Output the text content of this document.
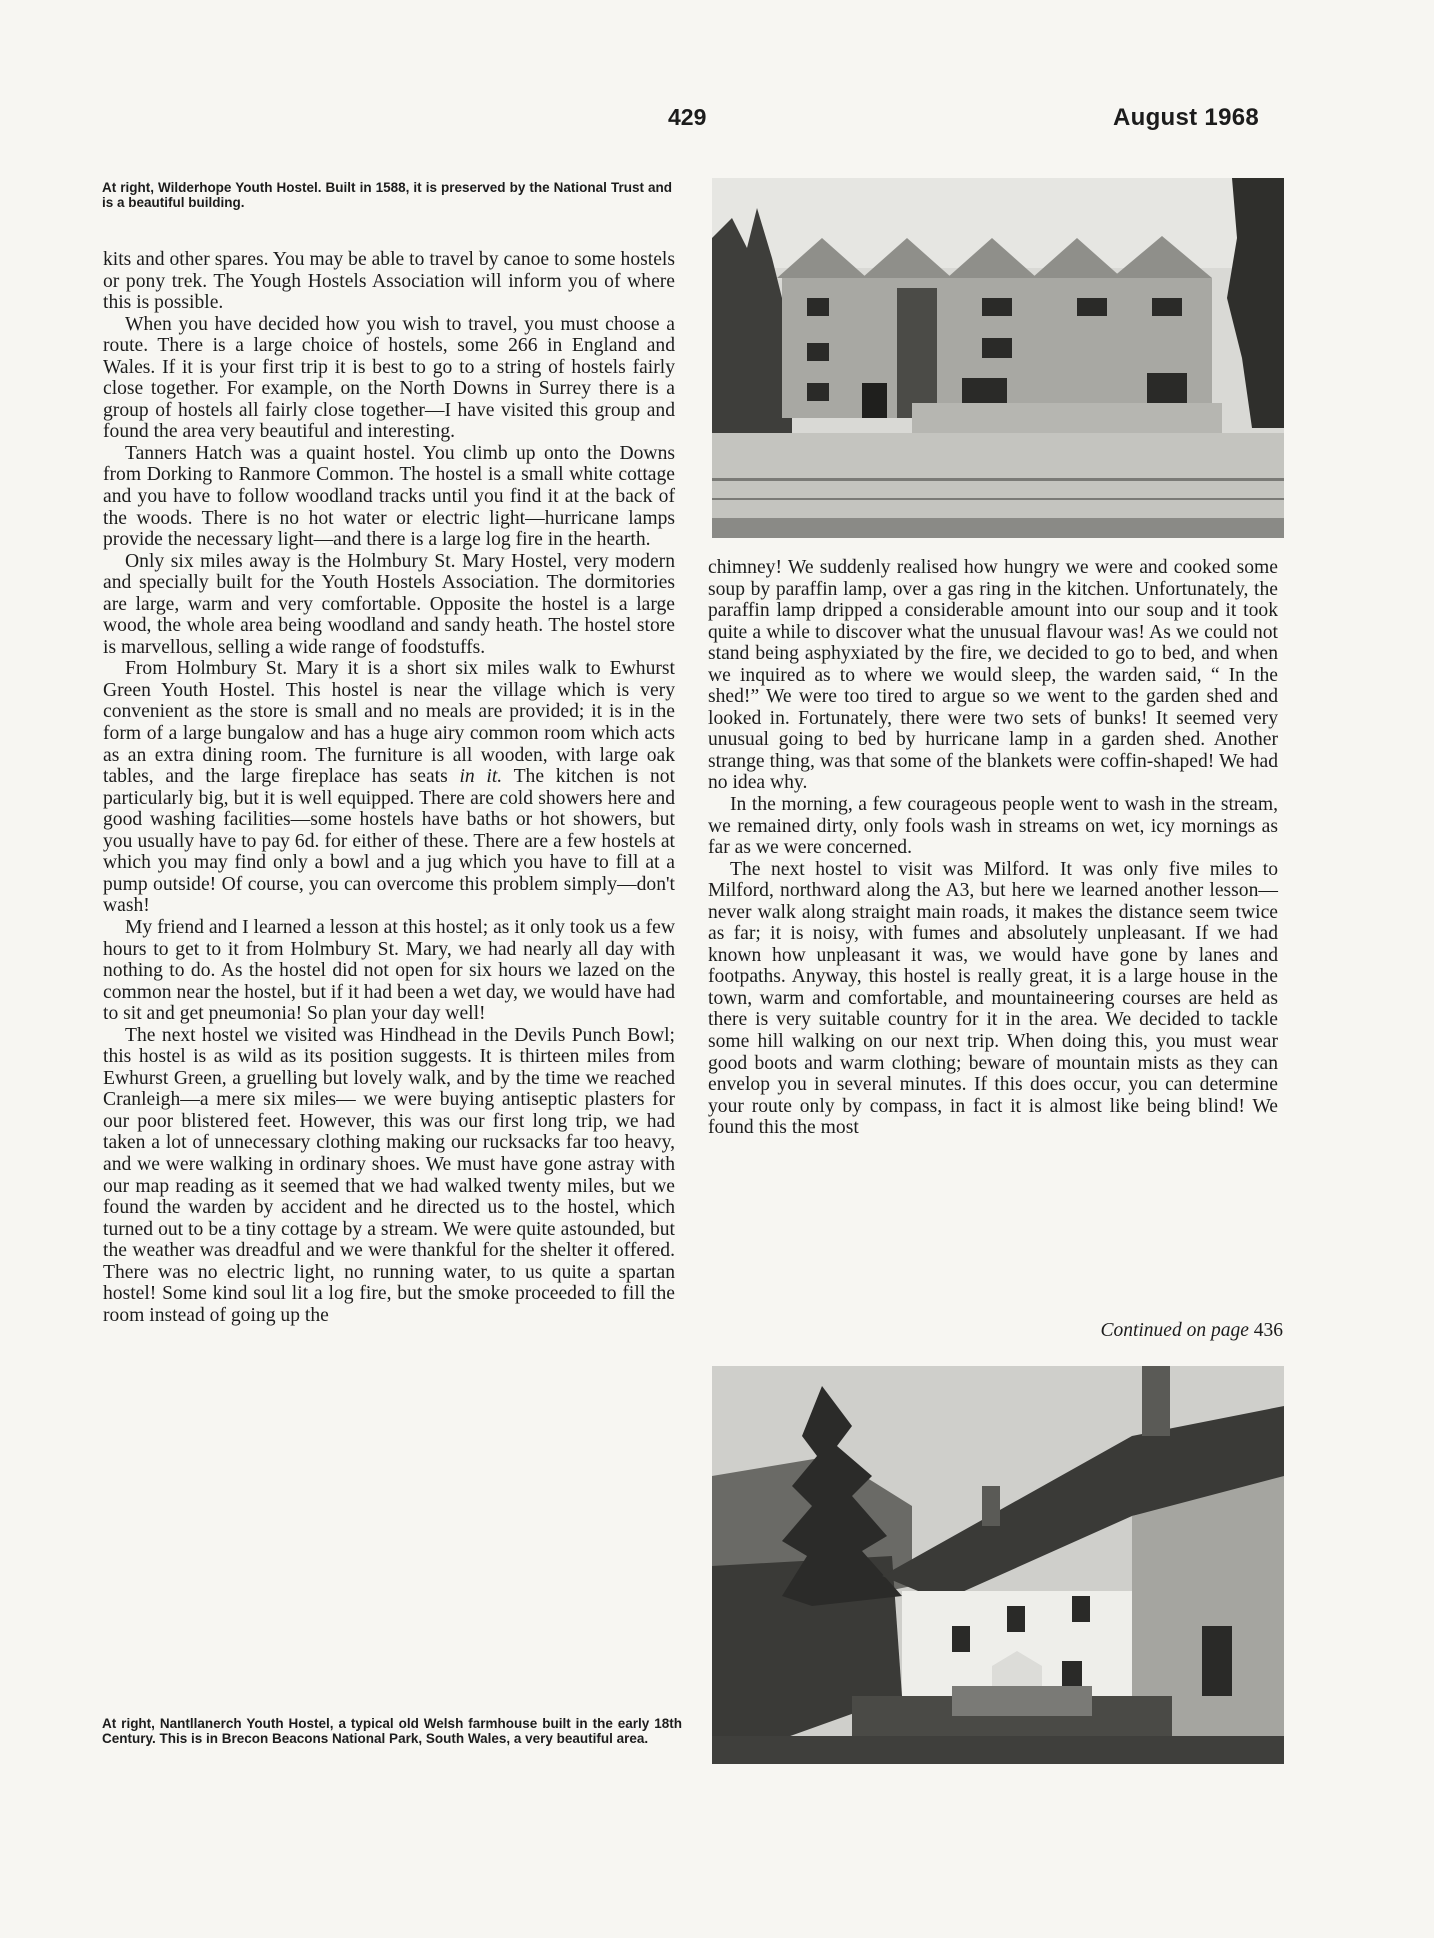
429	August 1968
At right, Wilderhope Youth Hostel. Built in 1588, it is preserved by the National Trust and is a beautiful building.

kits and other spares. You may be able to travel by canoe to some hostels or pony trek. The Yough Hostels Association will inform you of where this is possible.

When you have decided how you wish to travel, you must choose a route. There is a large choice of hostels, some 266 in England and Wales. If it is your first trip it is best to go to a string of hostels fairly close together. For example, on the North Downs in Surrey there is a group of hostels all fairly close together—I have visited this group and found the area very beautiful and interesting.

Tanners Hatch was a quaint hostel. You climb up onto the Downs from Dorking to Ranmore Common. The hostel is a small white cottage and you have to follow woodland tracks until you find it at the back of the woods. There is no hot water or electric light—hurricane lamps provide the necessary light—and there is a large log fire in the hearth.

Only six miles away is the Holmbury St. Mary Hostel, very modern and specially built for the Youth Hostels Association. The dormitories are large, warm and very comfortable. Opposite the hostel is a large wood, the whole area being woodland and sandy heath. The hostel store is marvellous, selling a wide range of foodstuffs.

From Holmbury St. Mary it is a short six miles walk to Ewhurst Green Youth Hostel. This hostel is near the village which is very convenient as the store is small and no meals are provided; it is in the form of a large bungalow and has a huge airy common room which acts as an extra dining room. The furniture is all wooden, with large oak tables, and the large fireplace has seats in it. The kitchen is not particularly big, but it is well equipped. There are cold showers here and good washing facilities—some hostels have baths or hot showers, but you usually have to pay 6d. for either of these. There are a few hostels at which you may find only a bowl and a jug which you have to fill at a pump outside! Of course, you can overcome this problem simply—don't wash!

My friend and I learned a lesson at this hostel; as it only took us a few hours to get to it from Holmbury St. Mary, we had nearly all day with nothing to do. As the hostel did not open for six hours we lazed on the common near the hostel, but if it had been a wet day, we would have had to sit and get pneumonia! So plan your day well!

The next hostel we visited was Hindhead in the Devils Punch Bowl; this hostel is as wild as its position suggests. It is thirteen miles from Ewhurst Green, a gruelling but lovely walk, and by the time we reached Cranleigh—a mere six miles— we were buying antiseptic plasters for our poor blistered feet. However, this was our first long trip, we had taken a lot of unnecessary clothing making our rucksacks far too heavy, and we were walking in ordinary shoes. We must have gone astray with our map reading as it seemed that we had walked twenty miles, but we found the warden by accident and he directed us to the hostel, which turned out to be a tiny cottage by a stream. We were quite astounded, but the weather was dreadful and we were thankful for the shelter it offered. There was no electric light, no running water, to us quite a spartan hostel! Some kind soul lit a log fire, but the smoke proceeded to fill the room instead of going up the

chimney! We suddenly realised how hungry we were and cooked some soup by paraffin lamp, over a gas ring in the kitchen. Unfortunately, the paraffin lamp dripped a considerable amount into our soup and it took quite a while to discover what the unusual flavour was! As we could not stand being asphyxiated by the fire, we decided to go to bed, and when we inquired as to where we would sleep, the warden said, “ In the shed!” We were too tired to argue so we went to the garden shed and looked in. Fortunately, there were two sets of bunks! It seemed very unusual going to bed by hurricane lamp in a garden shed. Another strange thing, was that some of the blankets were coffin-shaped! We had no idea why.

In the morning, a few courageous people went to wash in the stream, we remained dirty, only fools wash in streams on wet, icy mornings as far as we were concerned.

The next hostel to visit was Milford. It was only five miles to Milford, northward along the A3, but here we learned another lesson—never walk along straight main roads, it makes the distance seem twice as far; it is noisy, with fumes and absolutely unpleasant. If we had known how unpleasant it was, we would have gone by lanes and footpaths. Anyway, this hostel is really great, it is a large house in the town, warm and comfortable, and mountaineering courses are held as there is very suitable country for it in the area. We decided to tackle some hill walking on our next trip. When doing this, you must wear good boots and warm clothing; beware of mountain mists as they can envelop you in several minutes. If this does occur, you can determine your route only by compass, in fact it is almost like being blind! We found this the most

Continued on page 436
At right, Nantllanerch Youth Hostel, a typical old Welsh farmhouse built in the early 18th Century. This is in Brecon Beacons National Park, South Wales, a very beautiful area.
